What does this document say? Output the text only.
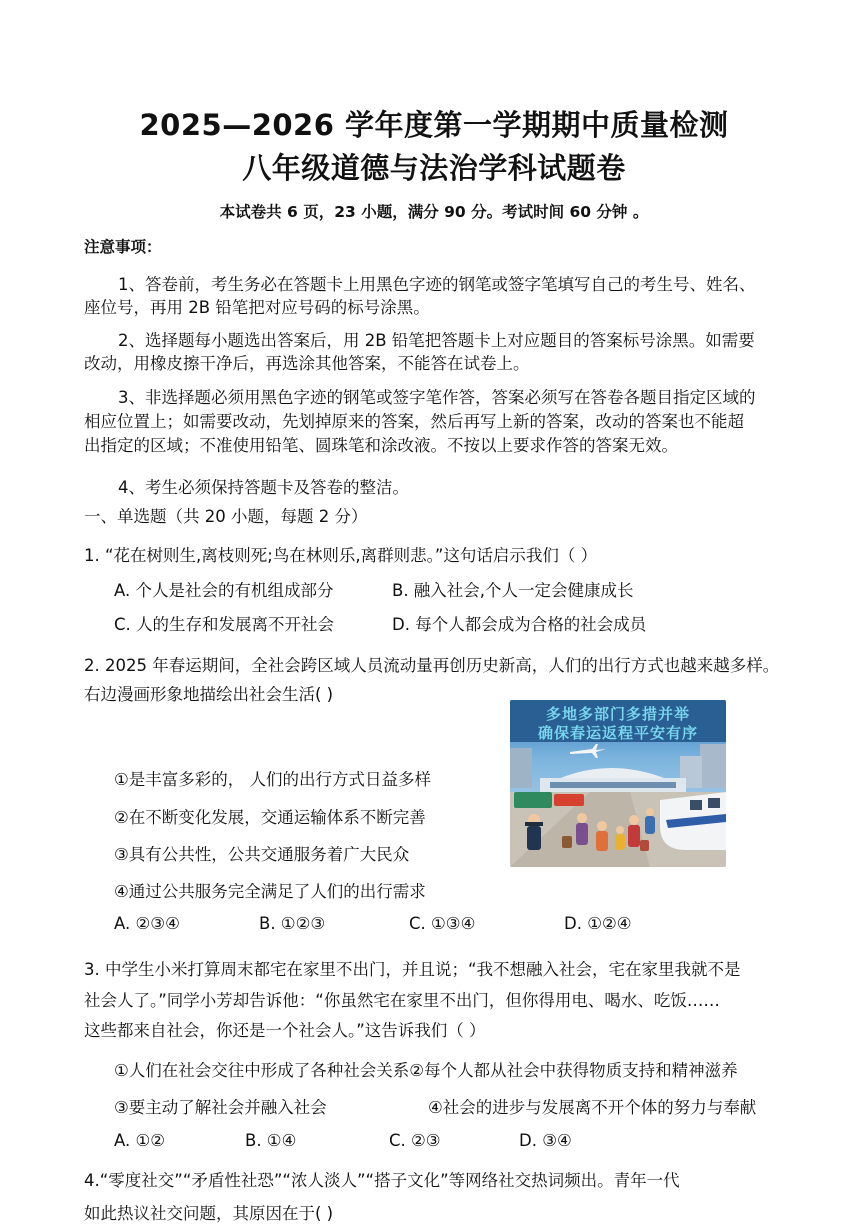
2025—2026 学年度第一学期期中质量检测
八年级道德与法治学科试题卷
本试卷共 6 页，23 小题，满分 90 分。考试时间 60 分钟 。
注意事项：
1、答卷前，考生务必在答题卡上用黑色字迹的钢笔或签字笔填写自己的考生号、姓名、
座位号，再用 2B 铅笔把对应号码的标号涂黑。
2、选择题每小题选出答案后，用 2B 铅笔把答题卡上对应题目的答案标号涂黑。如需要
改动，用橡皮擦干净后，再选涂其他答案，不能答在试卷上。
3、非选择题必须用黑色字迹的钢笔或签字笔作答，答案必须写在答卷各题目指定区域的
相应位置上；如需要改动，先划掉原来的答案，然后再写上新的答案，改动的答案也不能超
出指定的区域；不准使用铅笔、圆珠笔和涂改液。不按以上要求作答的答案无效。
4、考生必须保持答题卡及答卷的整洁。
一、单选题（共 20 小题，每题 2 分）
1. “花在树则生,离枝则死;鸟在林则乐,离群则悲。”这句话启示我们（ ）
A. 个人是社会的有机组成部分	B. 融入社会,个人一定会健康成长
C. 人的生存和发展离不开社会	D. 每个人都会成为合格的社会成员
2. 2025 年春运期间，全社会跨区域人员流动量再创历史新高，人们的出行方式也越来越多样。
右边漫画形象地描绘出社会生活( )
多地多部门多措并举
确保春运返程平安有序
①是丰富多彩的， 人们的出行方式日益多样
②在不断变化发展，交通运输体系不断完善
③具有公共性，公共交通服务着广大民众
④通过公共服务完全满足了人们的出行需求
A. ②③④	B. ①②③	C. ①③④	D. ①②④
3. 中学生小米打算周末都宅在家里不出门，并且说；“我不想融入社会，宅在家里我就不是
社会人了。”同学小芳却告诉他：“你虽然宅在家里不出门，但你得用电、喝水、吃饭……
这些都来自社会，你还是一个社会人。”这告诉我们（ ）
①人们在社会交往中形成了各种社会关系②每个人都从社会中获得物质支持和精神滋养
③要主动了解社会并融入社会	④社会的进步与发展离不开个体的努力与奉献
A. ①②	B. ①④	C. ②③	D. ③④
4.“零度社交”“矛盾性社恐”“浓人淡人”“搭子文化”等网络社交热词频出。青年一代
如此热议社交问题，其原因在于( )
